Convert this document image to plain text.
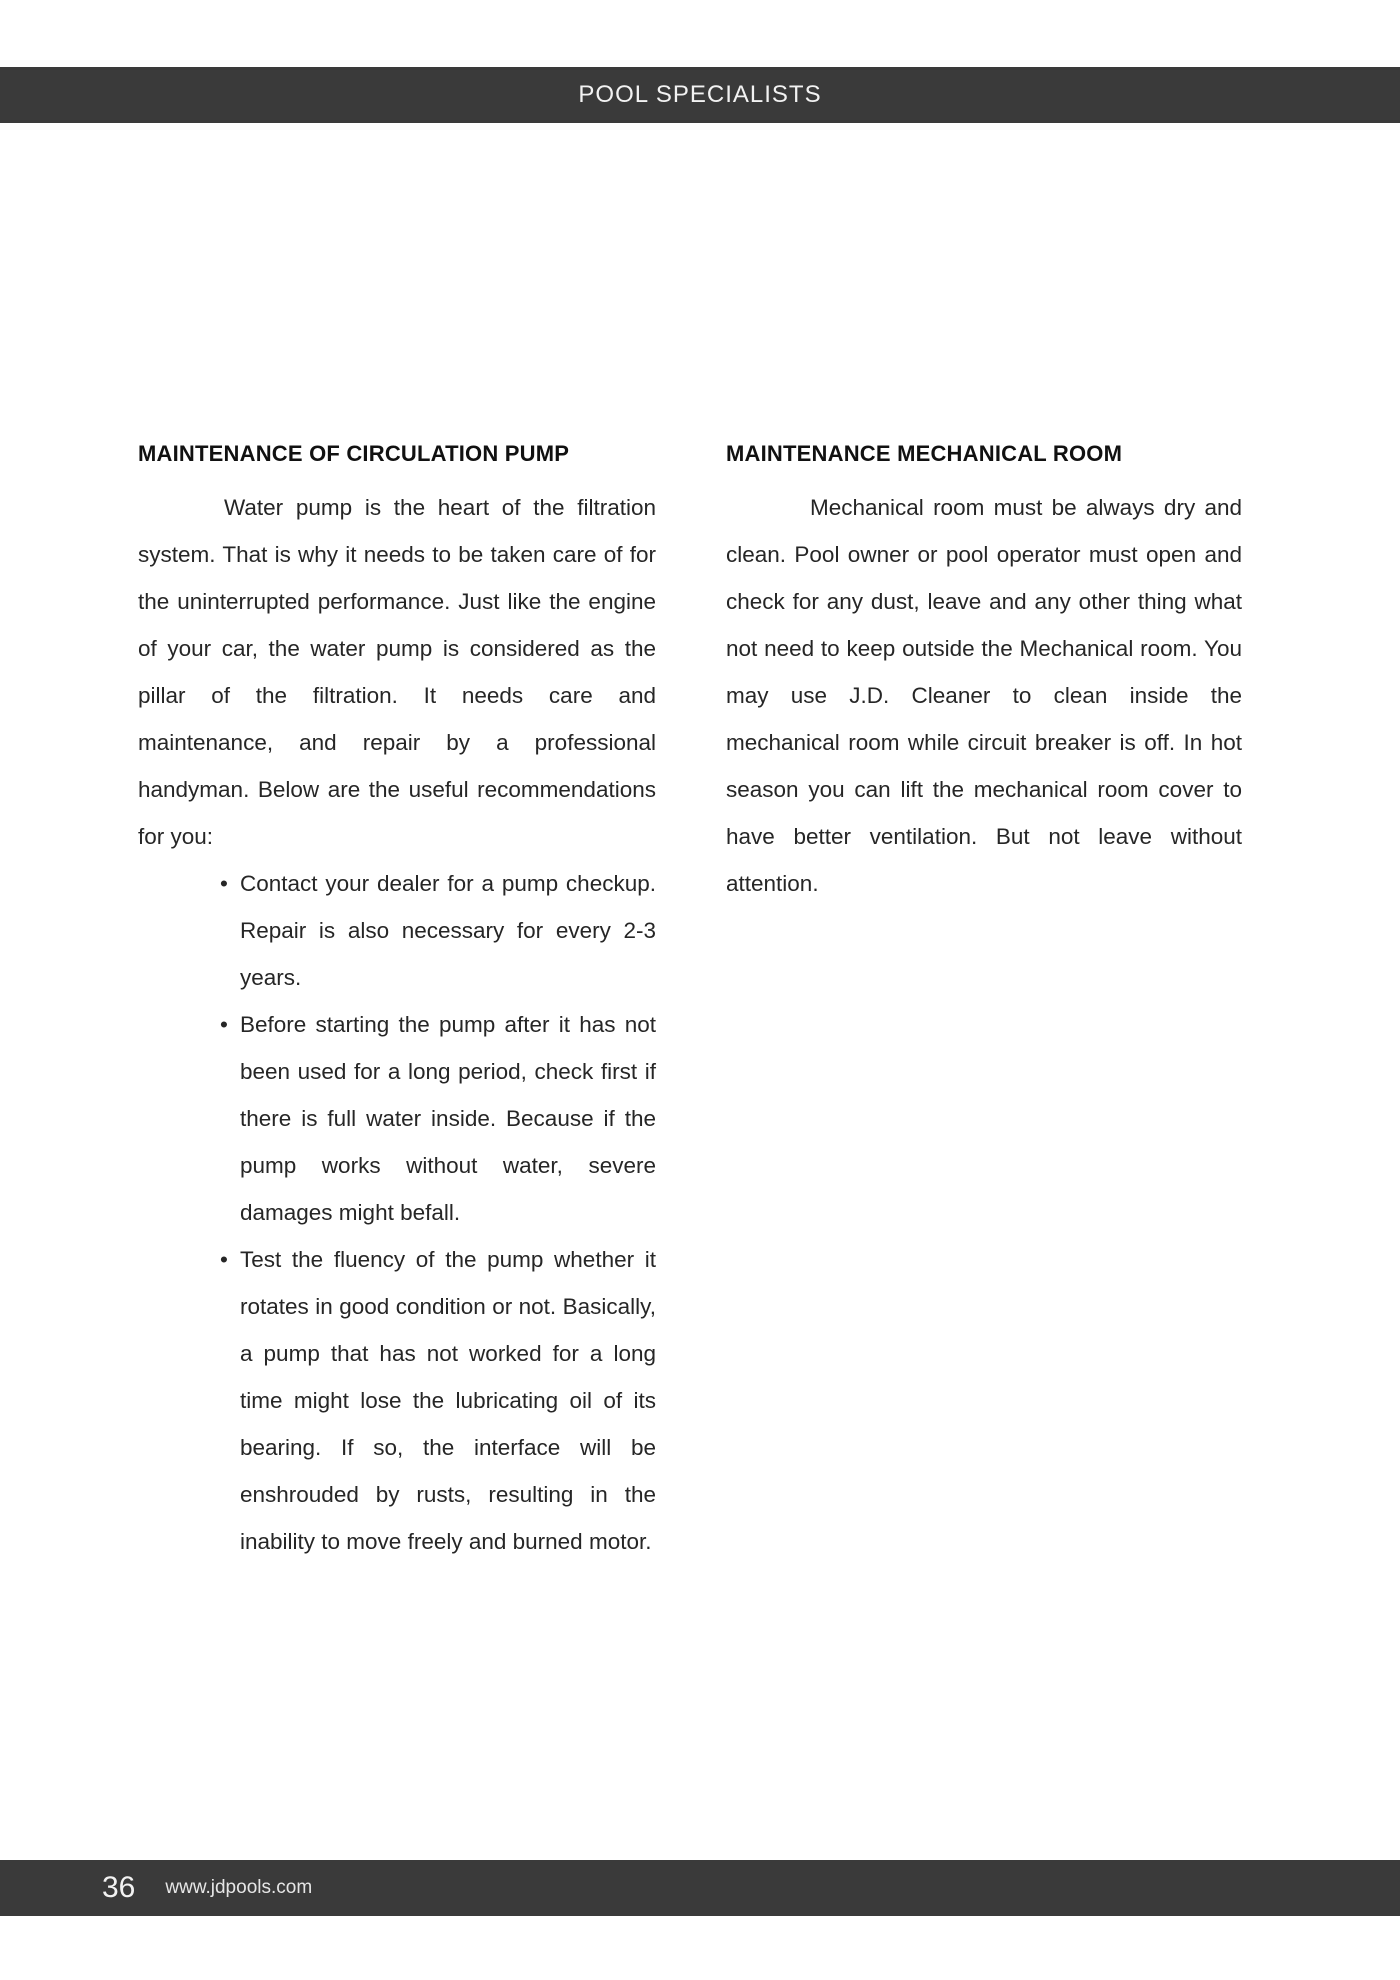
POOL SPECIALISTS
MAINTENANCE OF CIRCULATION PUMP

Water pump is the heart of the filtration system. That is why it needs to be taken care of for the uninterrupted performance. Just like the engine of your car, the water pump is considered as the pillar of the filtration. It needs care and maintenance, and repair by a professional handyman. Below are the useful recommendations for you:

• Contact your dealer for a pump checkup. Repair is also necessary for every 2-3 years.
• Before starting the pump after it has not been used for a long period, check first if there is full water inside. Because if the pump works without water, severe damages might befall.
• Test the fluency of the pump whether it rotates in good condition or not. Basically, a pump that has not worked for a long time might lose the lubricating oil of its bearing. If so, the interface will be enshrouded by rusts, resulting in the inability to move freely and burned motor.
MAINTENANCE MECHANICAL ROOM

Mechanical room must be always dry and clean. Pool owner or pool operator must open and check for any dust, leave and any other thing what not need to keep outside the Mechanical room. You may use J.D. Cleaner to clean inside the mechanical room while circuit breaker is off. In hot season you can lift the mechanical room cover to have better ventilation. But not leave without attention.

36 www.jdpools.com
